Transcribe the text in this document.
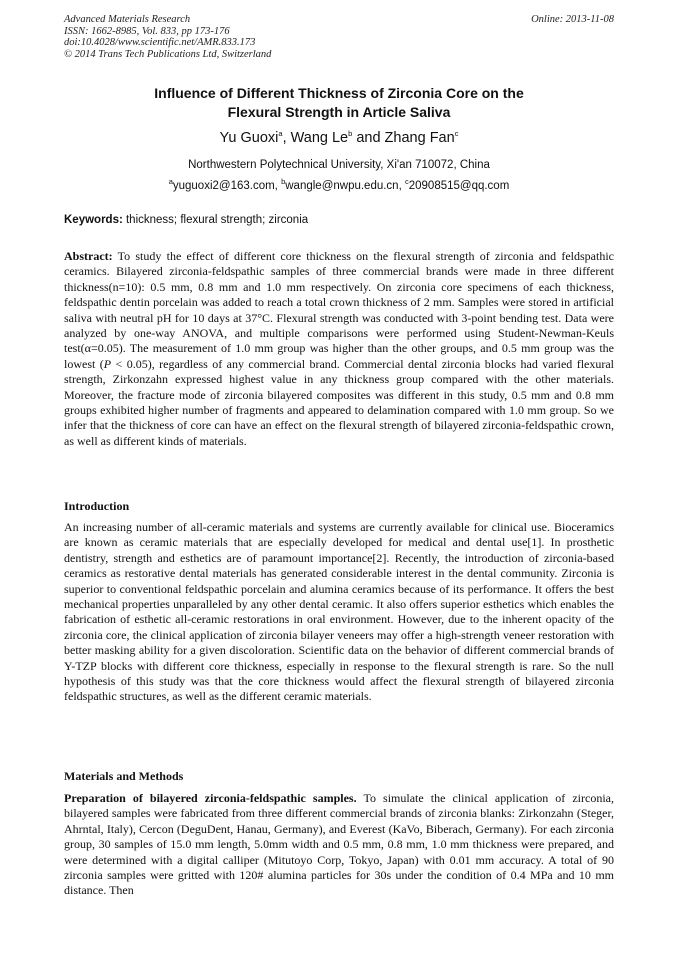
Advanced Materials Research
ISSN: 1662-8985, Vol. 833, pp 173-176
doi:10.4028/www.scientific.net/AMR.833.173
© 2014 Trans Tech Publications Ltd, Switzerland
Online: 2013-11-08
Influence of Different Thickness of Zirconia Core on the
Flexural Strength in Article Saliva
Yu Guoxi$^a$, Wang Le$^b$ and Zhang Fan$^c$
Northwestern Polytechnical University, Xi'an 710072, China
$^a$yuguoxi2@163.com, $^b$wangle@nwpu.edu.cn, $^c$20908515@qq.com
Keywords: thickness; flexural strength; zirconia
Abstract: To study the effect of different core thickness on the flexural strength of zirconia and feldspathic ceramics. Bilayered zirconia-feldspathic samples of three commercial brands were made in three different thickness(n=10): 0.5 mm, 0.8 mm and 1.0 mm respectively. On zirconia core specimens of each thickness, feldspathic dentin porcelain was added to reach a total crown thickness of 2 mm. Samples were stored in artificial saliva with neutral pH for 10 days at 37°C. Flexural strength was conducted with 3-point bending test. Data were analyzed by one-way ANOVA, and multiple comparisons were performed using Student-Newman-Keuls test(α=0.05). The measurement of 1.0 mm group was higher than the other groups, and 0.5 mm group was the lowest (P < 0.05), regardless of any commercial brand. Commercial dental zirconia blocks had varied flexural strength, Zirkonzahn expressed highest value in any thickness group compared with the other materials. Moreover, the fracture mode of zirconia bilayered composites was different in this study, 0.5 mm and 0.8 mm groups exhibited higher number of fragments and appeared to delamination compared with 1.0 mm group. So we infer that the thickness of core can have an effect on the flexural strength of bilayered zirconia-feldspathic crown, as well as different kinds of materials.
Introduction
An increasing number of all-ceramic materials and systems are currently available for clinical use. Bioceramics are known as ceramic materials that are especially developed for medical and dental use[1]. In prosthetic dentistry, strength and esthetics are of paramount importance[2]. Recently, the introduction of zirconia-based ceramics as restorative dental materials has generated considerable interest in the dental community. Zirconia is superior to conventional feldspathic porcelain and alumina ceramics because of its performance. It offers the best mechanical properties unparalleled by any other dental ceramic. It also offers superior esthetics which enables the fabrication of esthetic all-ceramic restorations in oral environment. However, due to the inherent opacity of the zirconia core, the clinical application of zirconia bilayer veneers may offer a high-strength veneer restoration with better masking ability for a given discoloration. Scientific data on the behavior of different commercial brands of Y-TZP blocks with different core thickness, especially in response to the flexural strength is rare. So the null hypothesis of this study was that the core thickness would affect the flexural strength of bilayered zirconia feldspathic structures, as well as the different ceramic materials.
Materials and Methods
Preparation of bilayered zirconia-feldspathic samples. To simulate the clinical application of zirconia, bilayered samples were fabricated from three different commercial brands of zirconia blanks: Zirkonzahn (Steger, Ahrntal, Italy), Cercon (DeguDent, Hanau, Germany), and Everest (KaVo, Biberach, Germany). For each zirconia group, 30 samples of 15.0 mm length, 5.0mm width and 0.5 mm, 0.8 mm, 1.0 mm thickness were prepared, and were determined with a digital calliper (Mitutoyo Corp, Tokyo, Japan) with 0.01 mm accuracy. A total of 90 zirconia samples were gritted with 120# alumina particles for 30s under the condition of 0.4 MPa and 10 mm distance. Then
